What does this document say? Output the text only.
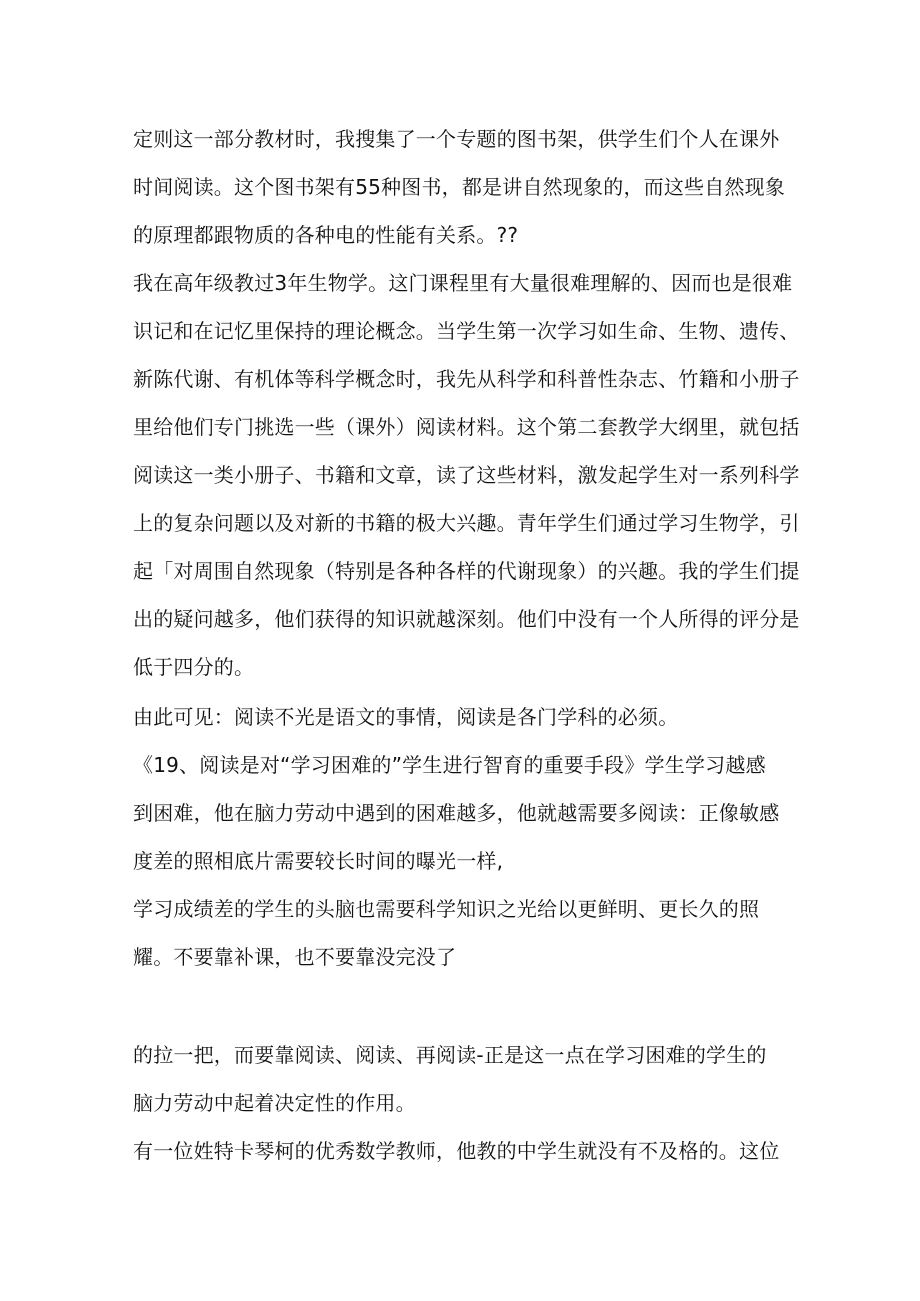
定则这一部分教材时，我搜集了一个专题的图书架，供学生们个人在课外
时间阅读。这个图书架有55种图书，都是讲自然现象的，而这些自然现象
的原理都跟物质的各种电的性能有关系。??
我在高年级教过3年生物学。这门课程里有大量很难理解的、因而也是很难
识记和在记忆里保持的理论概念。当学生第一次学习如生命、生物、遗传、
新陈代谢、有机体等科学概念时，我先从科学和科普性杂志、竹籍和小册子
里给他们专门挑选一些（课外）阅读材料。这个第二套教学大纲里，就包括
阅读这一类小册子、书籍和文章，读了这些材料，激发起学生对一系列科学
上的复杂问题以及对新的书籍的极大兴趣。青年学生们通过学习生物学，引
起「对周围自然现象（特别是各种各样的代谢现象）的兴趣。我的学生们提
出的疑问越多，他们获得的知识就越深刻。他们中没有一个人所得的评分是
低于四分的。
由此可见：阅读不光是语文的事情，阅读是各门学科的必须。
《19、阅读是对“学习困难的”学生进行智育的重要手段》学生学习越感
到困难，他在脑力劳动中遇到的困难越多，他就越需要多阅读：正像敏感
度差的照相底片需要较长时间的曝光一样,
学习成绩差的学生的头脑也需要科学知识之光给以更鲜明、更长久的照
耀。不要靠补课，也不要靠没完没了
的拉一把，而要靠阅读、阅读、再阅读-正是这一点在学习困难的学生的
脑力劳动中起着决定性的作用。
有一位姓特卡琴柯的优秀数学教师，他教的中学生就没有不及格的。这位
